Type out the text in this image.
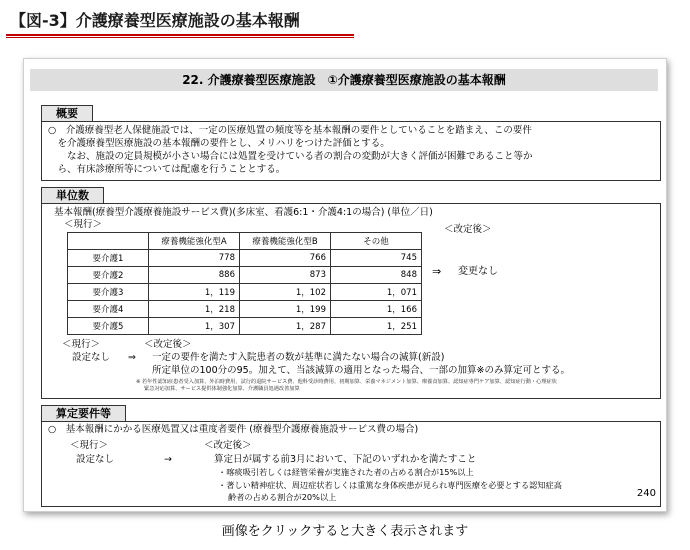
【図-3】介護療養型医療施設の基本報酬
22. 介護療養型医療施設　①介護療養型医療施設の基本報酬
概要
○　介護療養型老人保健施設では、一定の医療処置の頻度等を基本報酬の要件としていることを踏まえ、この要件
　を介護療養型医療施設の基本報酬の要件とし、メリハリをつけた評価とする。
　　なお、施設の定員規模が小さい場合には処置を受けている者の割合の変動が大きく評価が困難であること等か
　ら、有床診療所等については配慮を行うこととする。
単位数
基本報酬(療養型介護療養施設サービス費)(多床室、看護6:1・介護4:1の場合) (単位／日)
＜現行＞	＜改定後＞
	療養機能強化型A	療養機能強化型B	その他
要介護1	778	766	745
要介護2	886	873	848
要介護3	1，119	1，102	1，071
要介護4	1，218	1，199	1，166
要介護5	1，307	1，287	1，251
⇒ 変更なし
＜現行＞	＜改定後＞
設定なし ⇒ 一定の要件を満たす入院患者の数が基準に満たない場合の減算(新設)
所定単位の100分の95。加えて、当該減算の適用となった場合、一部の加算※のみ算定可とする。
※ 若年性認知症患者受入加算、外泊時費用、試行的退院サービス費、他科受診時費用、初期加算、栄養マネジメント加算、療養食加算、認知症専門ケア加算、認知症行動・心理症状
緊急対応加算、サービス提供体制強化加算、介護職員処遇改善加算
算定要件等
○　基本報酬にかかる医療処置又は重度者要件 (療養型介護療養施設サービス費の場合)
＜現行＞	＜改定後＞
設定なし	→	算定日が属する前3月において、下記のいずれかを満たすこと
・喀痰吸引若しくは経管栄養が実施された者の占める割合が15%以上
・著しい精神症状、周辺症状若しくは重篤な身体疾患が見られ専門医療を必要とする認知症高
齢者の占める割合が20%以上	240
画像をクリックすると大きく表示されます
